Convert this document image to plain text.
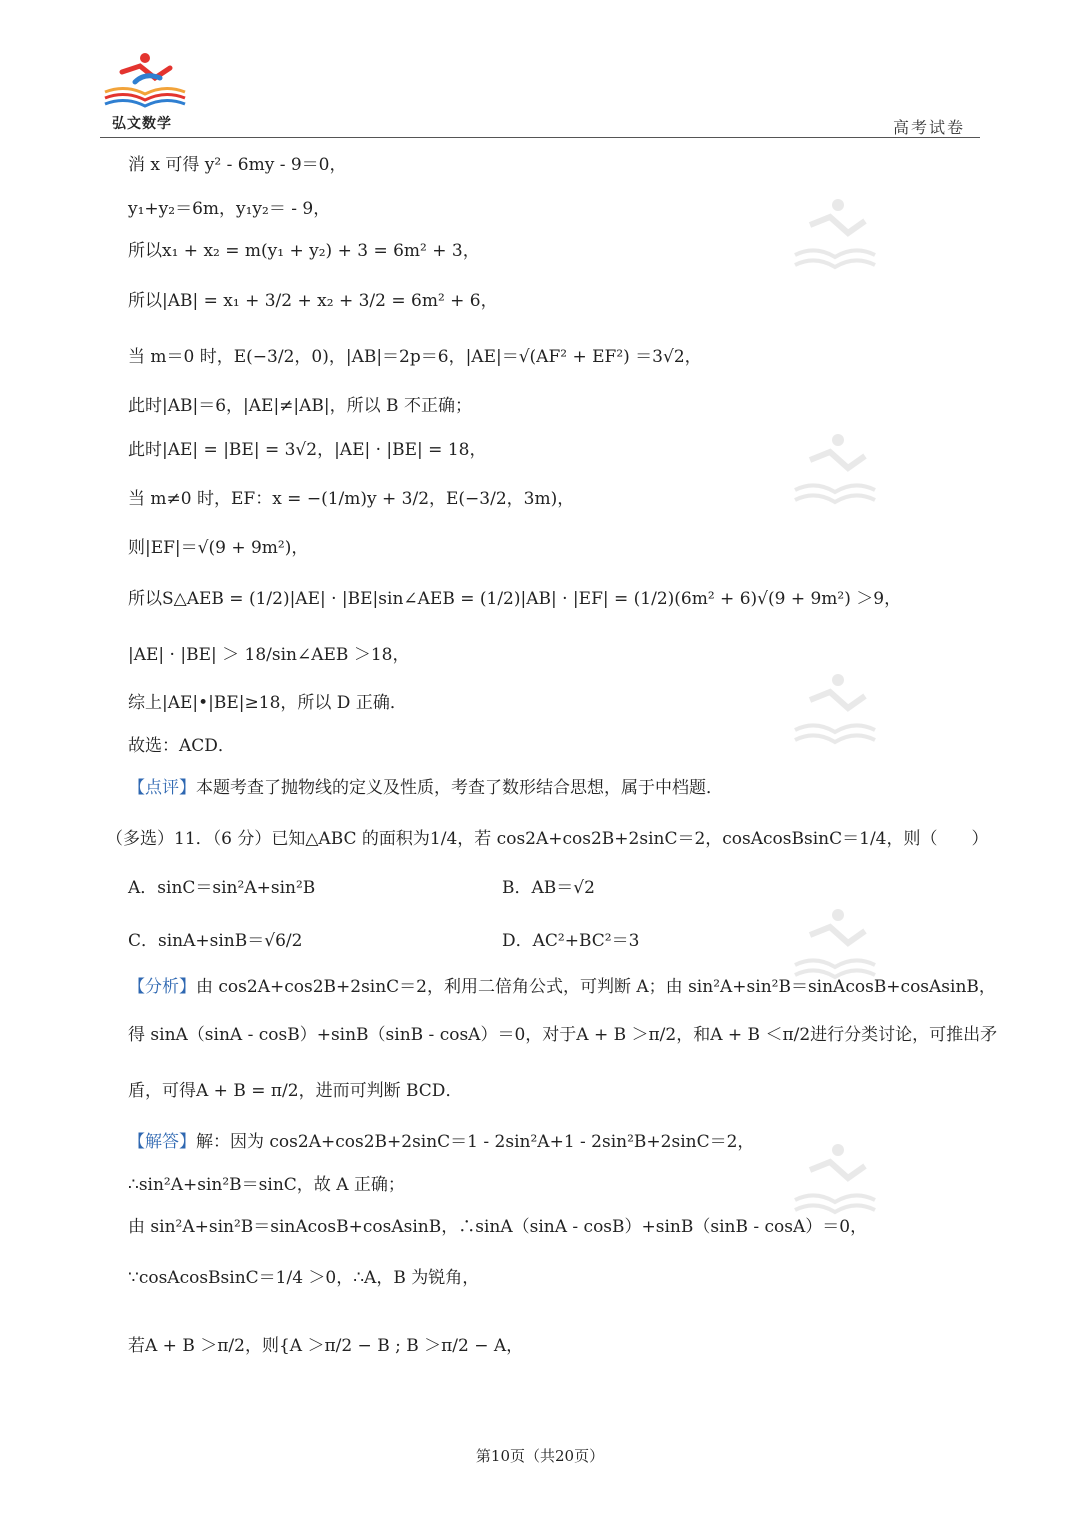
弘文数学	高考试卷
消 x 可得 y² - 6my - 9＝0，
y₁+y₂＝6m，y₁y₂＝ - 9，
所以x₁ + x₂ = m(y₁ + y₂) + 3 = 6m² + 3，
所以|AB| = x₁ + 3/2 + x₂ + 3/2 = 6m² + 6，
当 m＝0 时，E(−3/2，0)，|AB|＝2p＝6，|AE|＝√(AF² + EF²) ＝3√2，
此时|AB|＝6，|AE|≠|AB|，所以 B 不正确；
此时|AE| = |BE| = 3√2，|AE| · |BE| = 18，
当 m≠0 时，EF：x = −(1/m)y + 3/2，E(−3/2，3m)，
则|EF|＝√(9 + 9m²)，
所以S△AEB = (1/2)|AE| · |BE|sin∠AEB = (1/2)|AB| · |EF| = (1/2)(6m² + 6)√(9 + 9m²) ＞9，
|AE| · |BE| ＞ 18/sin∠AEB ＞18，
综上|AE|•|BE|≥18，所以 D 正确．
故选：ACD．
【点评】本题考查了抛物线的定义及性质，考查了数形结合思想，属于中档题．
（多选）11．（6 分）已知△ABC 的面积为1/4，若 cos2A+cos2B+2sinC＝2，cosAcosBsinC＝1/4，则（　　）
A．sinC＝sin²A+sin²B	B．AB＝√2
C．sinA+sinB＝√6/2	D．AC²+BC²＝3
【分析】由 cos2A+cos2B+2sinC＝2，利用二倍角公式，可判断 A；由 sin²A+sin²B＝sinAcosB+cosAsinB，
得 sinA（sinA - cosB）+sinB（sinB - cosA）＝0，对于A + B ＞π/2，和A + B ＜π/2进行分类讨论，可推出矛
盾，可得A + B = π/2，进而可判断 BCD．
【解答】解：因为 cos2A+cos2B+2sinC＝1 - 2sin²A+1 - 2sin²B+2sinC＝2，
∴sin²A+sin²B＝sinC，故 A 正确；
由 sin²A+sin²B＝sinAcosB+cosAsinB，∴sinA（sinA - cosB）+sinB（sinB - cosA）＝0，
∵cosAcosBsinC＝1/4 ＞0，∴A，B 为锐角，
若A + B ＞π/2，则{A ＞π/2 − B ; B ＞π/2 − A，
第10页（共20页）
